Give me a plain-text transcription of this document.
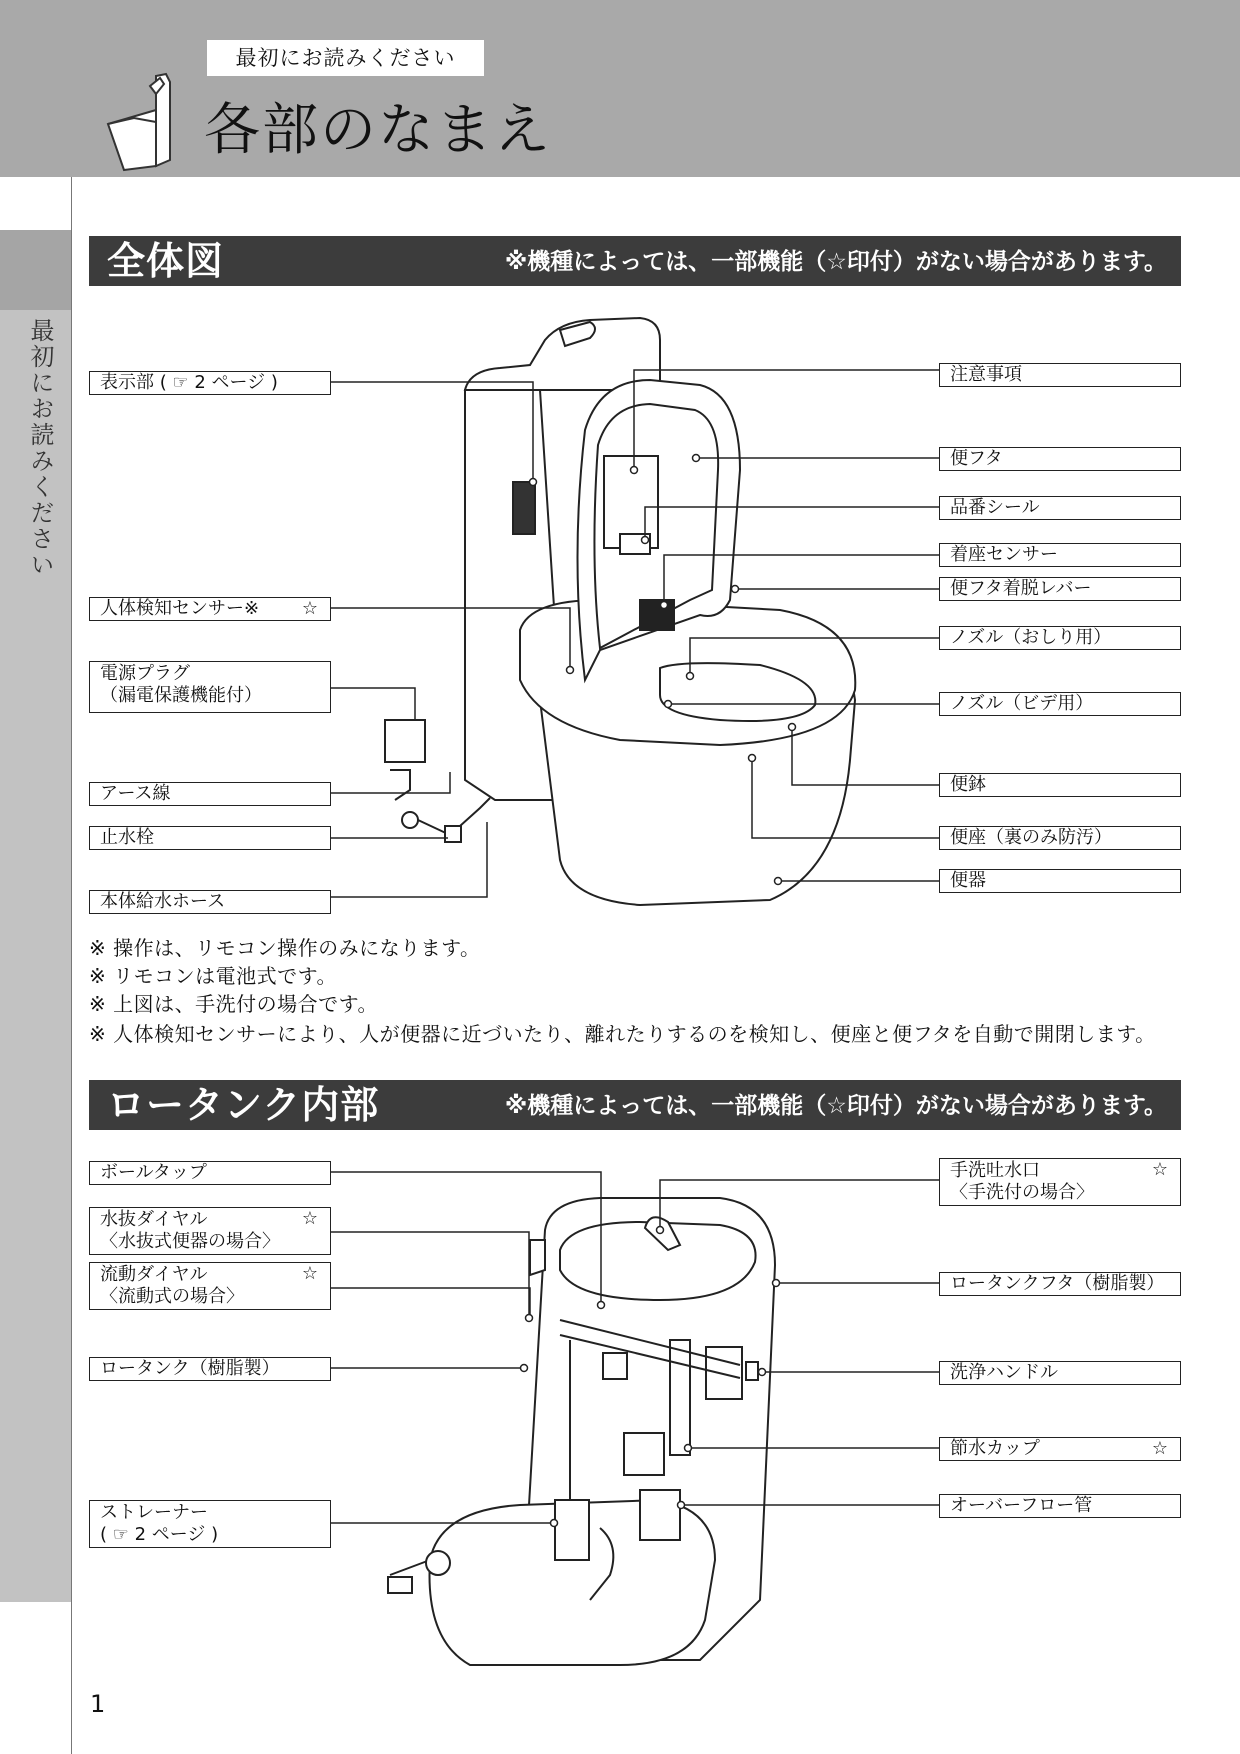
最初にお読みください
各部のなまえ
最初にお読みください
全体図	※機種によっては、一部機能（☆印付）がない場合があります。
表示部 ( ☞ 2 ページ )
人体検知センサー※ ☆
電源プラグ
（漏電保護機能付）
アース線
止水栓
本体給水ホース
注意事項
便フタ
品番シール
着座センサー
便フタ着脱レバー
ノズル（おしり用）
ノズル（ビデ用）
便鉢
便座（裏のみ防汚）
便器
※ 操作は、リモコン操作のみになります。
※ リモコンは電池式です。
※ 上図は、手洗付の場合です。
※ 人体検知センサーにより、人が便器に近づいたり、離れたりするのを検知し、便座と便フタを自動で開閉します。
ロータンク内部	※機種によっては、一部機能（☆印付）がない場合があります。
ボールタップ
水抜ダイヤル
〈水抜式便器の場合〉
☆
流動ダイヤル
〈流動式の場合〉
☆
ロータンク（樹脂製）
ストレーナー
( ☞ 2 ページ )
手洗吐水口
〈手洗付の場合〉
☆
ロータンクフタ（樹脂製）
洗浄ハンドル
節水カップ	☆
オーバーフロー管
1
